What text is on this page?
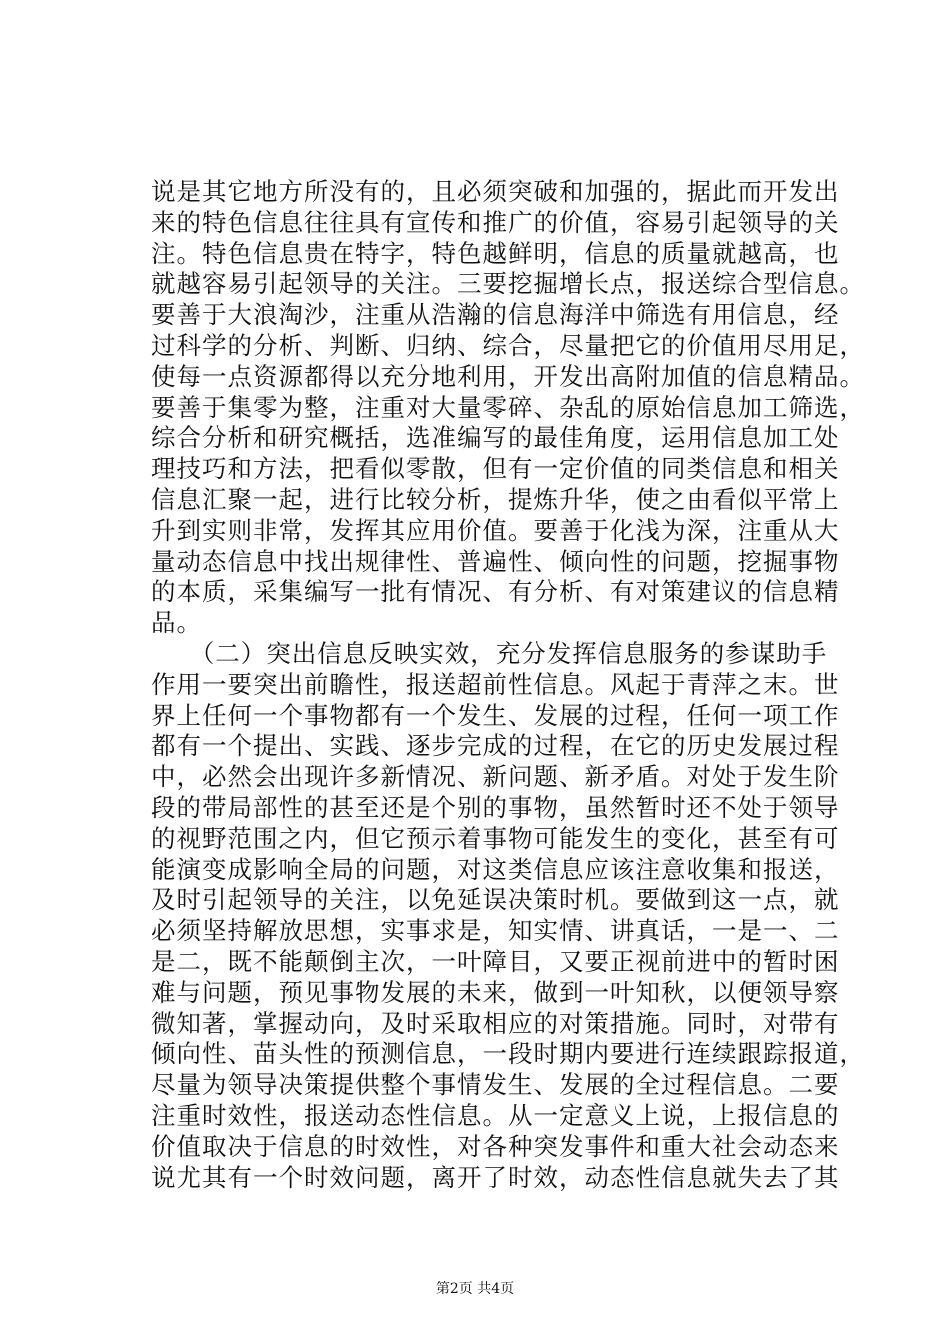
说是其它地方所没有的，且必须突破和加强的，据此而开发出
来的特色信息往往具有宣传和推广的价值，容易引起领导的关
注。特色信息贵在特字，特色越鲜明，信息的质量就越高，也
就越容易引起领导的关注。三要挖掘增长点，报送综合型信息。
要善于大浪淘沙，注重从浩瀚的信息海洋中筛选有用信息，经
过科学的分析、判断、归纳、综合，尽量把它的价值用尽用足，
使每一点资源都得以充分地利用，开发出高附加值的信息精品。
要善于集零为整，注重对大量零碎、杂乱的原始信息加工筛选，
综合分析和研究概括，选准编写的最佳角度，运用信息加工处
理技巧和方法，把看似零散，但有一定价值的同类信息和相关
信息汇聚一起，进行比较分析，提炼升华，使之由看似平常上
升到实则非常，发挥其应用价值。要善于化浅为深，注重从大
量动态信息中找出规律性、普遍性、倾向性的问题，挖掘事物
的本质，采集编写一批有情况、有分析、有对策建议的信息精
品。
　　（二）突出信息反映实效，充分发挥信息服务的参谋助手
作用一要突出前瞻性，报送超前性信息。风起于青萍之末。世
界上任何一个事物都有一个发生、发展的过程，任何一项工作
都有一个提出、实践、逐步完成的过程，在它的历史发展过程
中，必然会出现许多新情况、新问题、新矛盾。对处于发生阶
段的带局部性的甚至还是个别的事物，虽然暂时还不处于领导
的视野范围之内，但它预示着事物可能发生的变化，甚至有可
能演变成影响全局的问题，对这类信息应该注意收集和报送，
及时引起领导的关注，以免延误决策时机。要做到这一点，就
必须坚持解放思想，实事求是，知实情、讲真话，一是一、二
是二，既不能颠倒主次，一叶障目，又要正视前进中的暂时困
难与问题，预见事物发展的未来，做到一叶知秋，以便领导察
微知著，掌握动向，及时采取相应的对策措施。同时，对带有
倾向性、苗头性的预测信息，一段时期内要进行连续跟踪报道，
尽量为领导决策提供整个事情发生、发展的全过程信息。二要
注重时效性，报送动态性信息。从一定意义上说，上报信息的
价值取决于信息的时效性，对各种突发事件和重大社会动态来
说尤其有一个时效问题，离开了时效，动态性信息就失去了其
第2页 共4页
